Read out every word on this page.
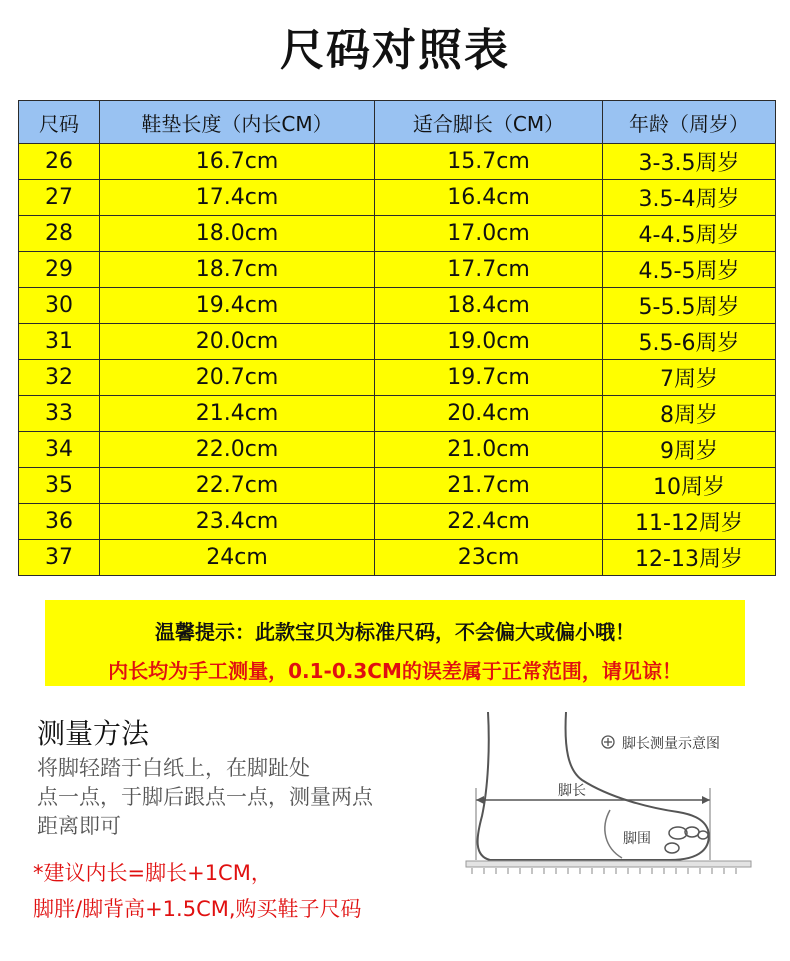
尺码对照表
尺码	鞋垫长度（内长CM）	适合脚长（CM）	年龄（周岁）
26	16.7cm	15.7cm	3-3.5周岁
27	17.4cm	16.4cm	3.5-4周岁
28	18.0cm	17.0cm	4-4.5周岁
29	18.7cm	17.7cm	4.5-5周岁
30	19.4cm	18.4cm	5-5.5周岁
31	20.0cm	19.0cm	5.5-6周岁
32	20.7cm	19.7cm	7周岁
33	21.4cm	20.4cm	8周岁
34	22.0cm	21.0cm	9周岁
35	22.7cm	21.7cm	10周岁
36	23.4cm	22.4cm	11-12周岁
37	24cm	23cm	12-13周岁
温馨提示：此款宝贝为标准尺码，不会偏大或偏小哦！
内长均为手工测量，0.1-0.3CM的误差属于正常范围，请见谅！
测量方法
将脚轻踏于白纸上，在脚趾处
点一点，于脚后跟点一点，测量两点
距离即可
*建议内长=脚长+1CM，
脚胖/脚背高+1.5CM,购买鞋子尺码
脚长测量示意图
脚长
脚围
